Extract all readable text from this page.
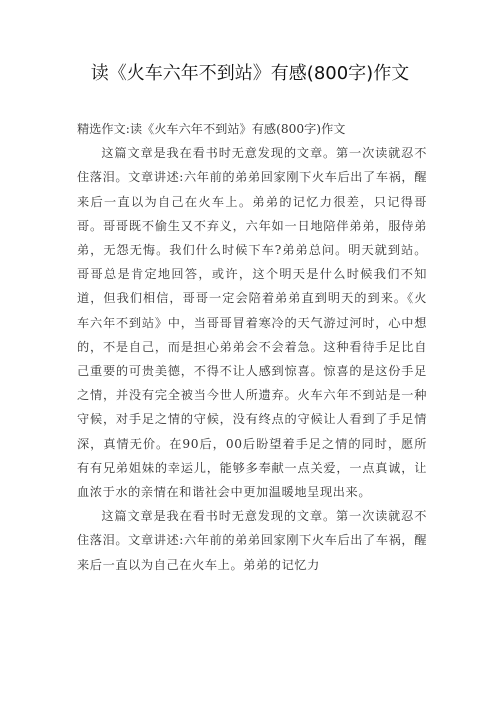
读《火车六年不到站》有感(800字)作文
精选作文:读《火车六年不到站》有感(800字)作文

这篇文章是我在看书时无意发现的文章。第一次读就忍不住落泪。文章讲述:六年前的弟弟回家刚下火车后出了车祸，醒来后一直以为自己在火车上。弟弟的记忆力很差，只记得哥哥。哥哥既不偷生又不弃义，六年如一日地陪伴弟弟，服侍弟弟，无怨无悔。我们什么时候下车?弟弟总问。明天就到站。哥哥总是肯定地回答，或许，这个明天是什么时候我们不知道，但我们相信，哥哥一定会陪着弟弟直到明天的到来。《火车六年不到站》中，当哥哥冒着寒冷的天气游过河时，心中想的，不是自己，而是担心弟弟会不会着急。这种看待手足比自己重要的可贵美德，不得不让人感到惊喜。惊喜的是这份手足之情，并没有完全被当今世人所遗弃。火车六年不到站是一种守候，对手足之情的守候，没有终点的守候让人看到了手足情深，真情无价。在90后，00后盼望着手足之情的同时，愿所有有兄弟姐妹的幸运儿，能够多奉献一点关爱，一点真诚，让血浓于水的亲情在和谐社会中更加温暖地呈现出来。

这篇文章是我在看书时无意发现的文章。第一次读就忍不住落泪。文章讲述:六年前的弟弟回家刚下火车后出了车祸，醒来后一直以为自己在火车上。弟弟的记忆力
